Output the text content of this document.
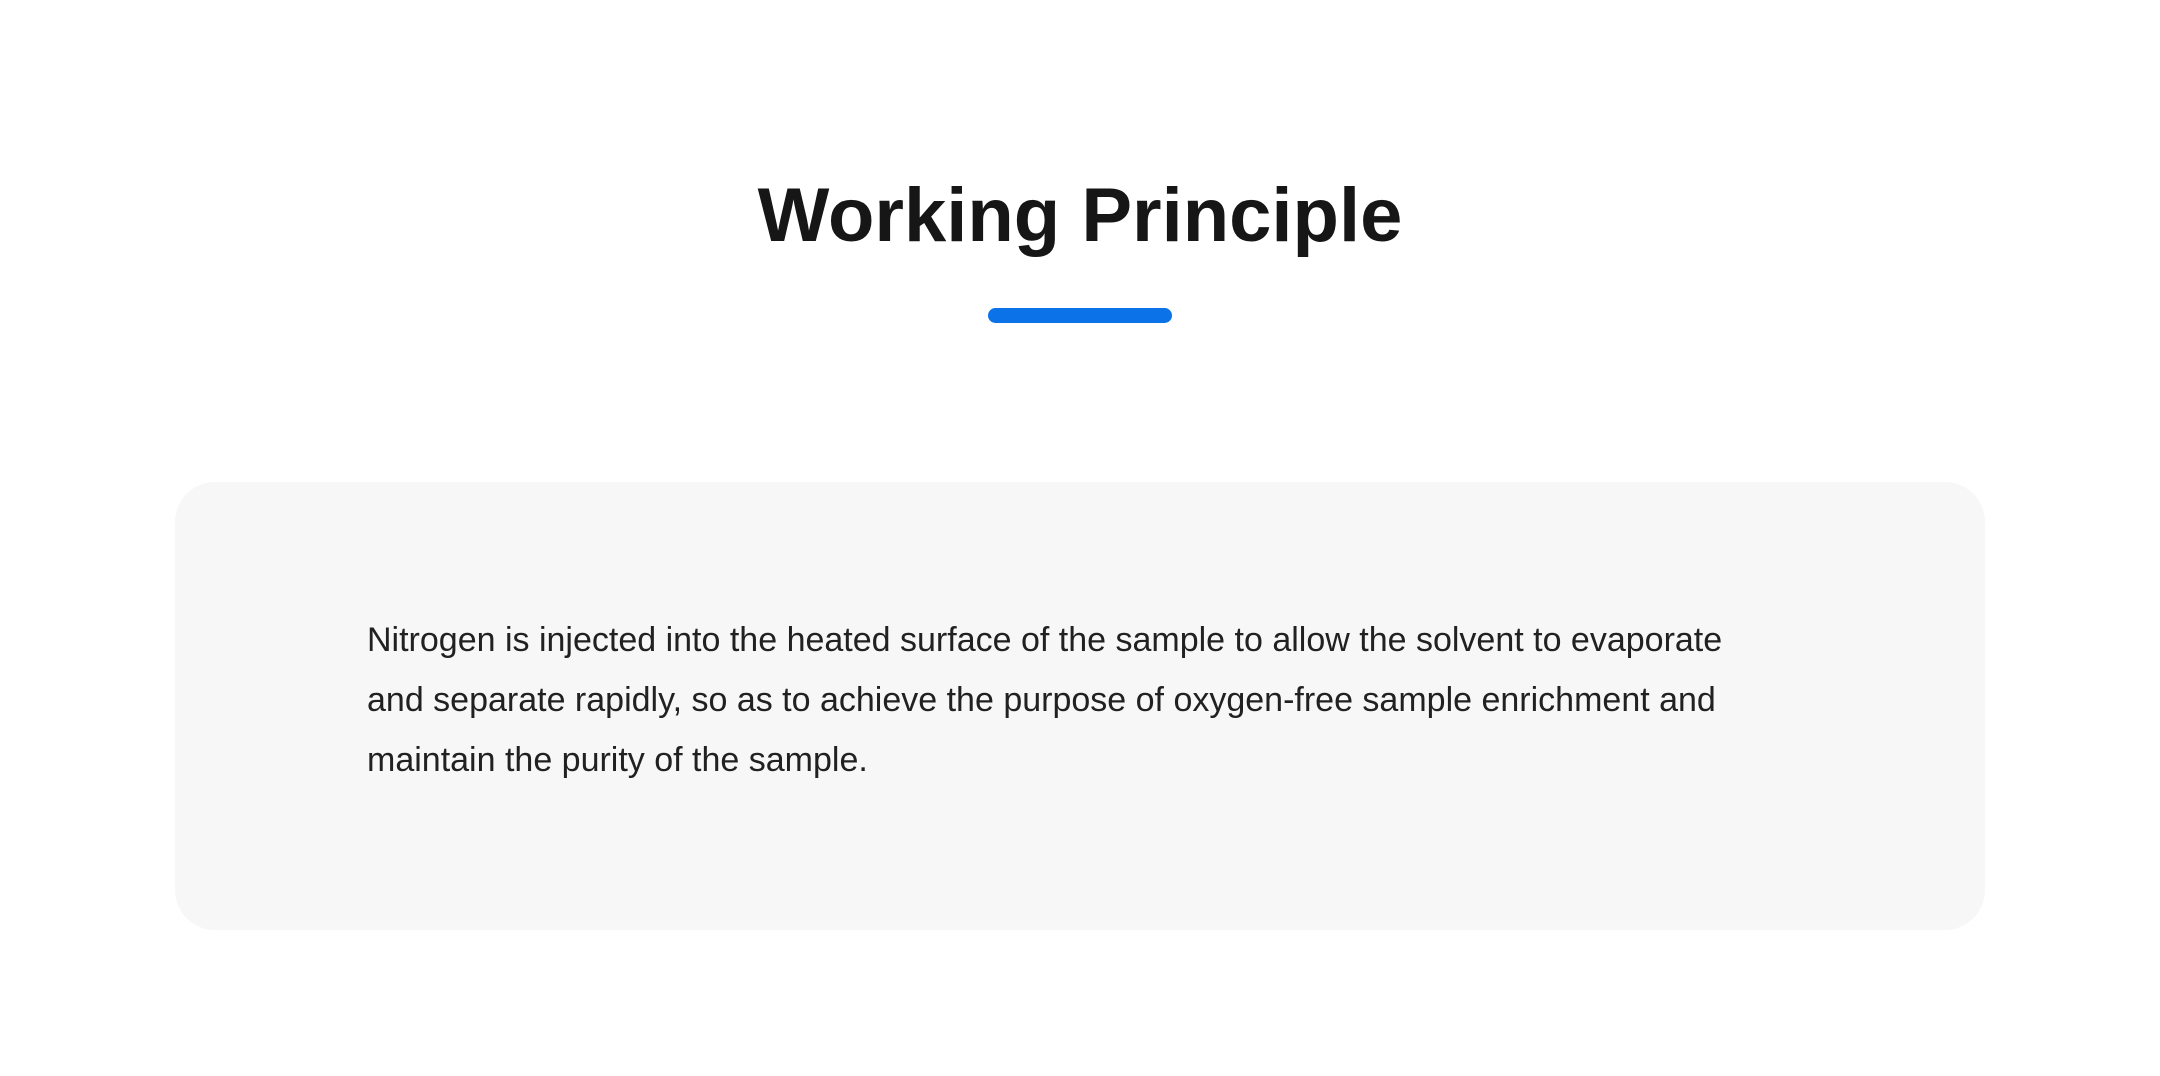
Working Principle

Nitrogen is injected into the heated surface of the sample to allow the solvent to evaporate
and separate rapidly, so as to achieve the purpose of oxygen-free sample enrichment and
maintain the purity of the sample.
